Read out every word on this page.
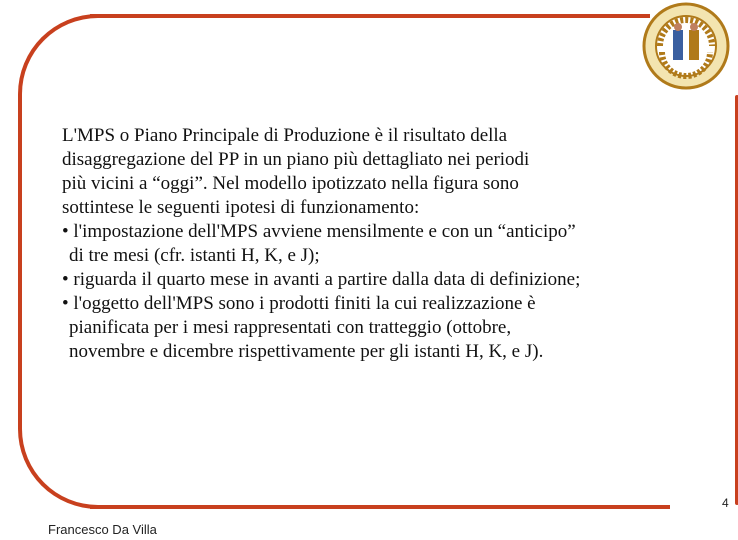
L'MPS o Piano Principale di Produzione è il risultato della

disaggregazione del PP in un piano più dettagliato nei periodi

più vicini a “oggi”. Nel modello ipotizzato nella figura sono

sottintese le seguenti ipotesi di funzionamento:

• l'impostazione dell'MPS avviene mensilmente e con un “anticipo”

di tre mesi (cfr. istanti H, K, e J);

• riguarda il quarto mese in avanti a partire dalla data di definizione;

• l'oggetto dell'MPS sono i prodotti finiti la cui realizzazione è

pianificata per i mesi rappresentati con tratteggio (ottobre,

novembre e dicembre rispettivamente per gli istanti H, K, e J).

4
Francesco Da Villa
